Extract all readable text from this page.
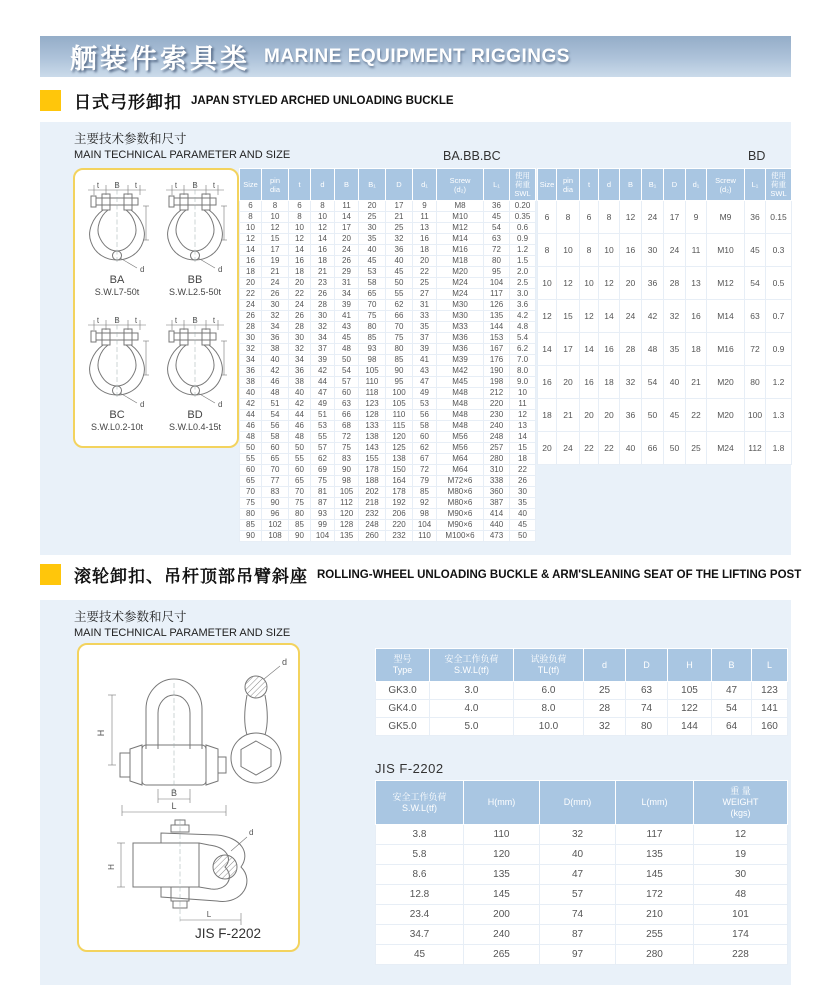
舾装件索具类 MARINE EQUIPMENT RIGGINGS
日式弓形卸扣 JAPAN STYLED ARCHED UNLOADING BUCKLE
主要技术参数和尺寸
MAIN TECHNICAL PARAMETER AND SIZE	BA.BB.BC	BD
BA
S.W.L7-50t
BB
S.W.L2.5-50t
BC
S.W.L0.2-10t
BD
S.W.L0.4-15t
Size	pin
dia	t	d	B	B₁	D	d₁	Screw
(d₂)	L₁	使用
荷重
SWL
6	8	6	8	11	20	17	9	M8	36	0.20
8	10	8	10	14	25	21	11	M10	45	0.35
10	12	10	12	17	30	25	13	M12	54	0.6
12	15	12	14	20	35	32	16	M14	63	0.9
14	17	14	16	24	40	36	18	M16	72	1.2
16	19	16	18	26	45	40	20	M18	80	1.5
18	21	18	21	29	53	45	22	M20	95	2.0
20	24	20	23	31	58	50	25	M24	104	2.5
22	26	22	26	34	65	55	27	M24	117	3.0
24	30	24	28	39	70	62	31	M30	126	3.6
26	32	26	30	41	75	66	33	M30	135	4.2
28	34	28	32	43	80	70	35	M33	144	4.8
30	36	30	34	45	85	75	37	M36	153	5.4
32	38	32	37	48	93	80	39	M36	167	6.2
34	40	34	39	50	98	85	41	M39	176	7.0
36	42	36	42	54	105	90	43	M42	190	8.0
38	46	38	44	57	110	95	47	M45	198	9.0
40	48	40	47	60	118	100	49	M48	212	10
42	51	42	49	63	123	105	53	M48	220	11
44	54	44	51	66	128	110	56	M48	230	12
46	56	46	53	68	133	115	58	M48	240	13
48	58	48	55	72	138	120	60	M56	248	14
50	60	50	57	75	143	125	62	M56	257	15
55	65	55	62	83	155	138	67	M64	280	18
60	70	60	69	90	178	150	72	M64	310	22
65	77	65	75	98	188	164	79	M72×6	338	26
70	83	70	81	105	202	178	85	M80×6	360	30
75	90	75	87	112	218	192	92	M80×6	387	35
80	96	80	93	120	232	206	98	M90×6	414	40
85	102	85	99	128	248	220	104	M90×6	440	45
90	108	90	104	135	260	232	110	M100×6	473	50
Size	pin
dia	t	d	B	B₁	D	d₁	Screw
(d₂)	L₁	使用
荷重
SWL
6	8	6	8	12	24	17	9	M9	36	0.15
8	10	8	10	16	30	24	11	M10	45	0.3
10	12	10	12	20	36	28	13	M12	54	0.5
12	15	12	14	24	42	32	16	M14	63	0.7
14	17	14	16	28	48	35	18	M16	72	0.9
16	20	16	18	32	54	40	21	M20	80	1.2
18	21	20	20	36	50	45	22	M20	100	1.3
20	24	22	22	40	66	50	25	M24	112	1.8
滚轮卸扣、吊杆顶部吊臂斜座 ROLLING-WHEEL UNLOADING BUCKLE & ARM'SLEANING SEAT OF THE LIFTING POST
主要技术参数和尺寸
MAIN TECHNICAL PARAMETER AND SIZE
H
B
L
d
H
L
d
JIS F-2202
型号
Type	安全工作负荷
S.W.L(tf)	试验负荷
TL(tf)	d	D	H	B	L
GK3.0	3.0	6.0	25	63	105	47	123
GK4.0	4.0	8.0	28	74	122	54	141
GK5.0	5.0	10.0	32	80	144	64	160
JIS F-2202
安全工作负荷
S.W.L(tf)	H(mm)	D(mm)	L(mm)	重 量
WEIGHT
(kgs)
3.8	110	32	117	12
5.8	120	40	135	19
8.6	135	47	145	30
12.8	145	57	172	48
23.4	200	74	210	101
34.7	240	87	255	174
45	265	97	280	228
